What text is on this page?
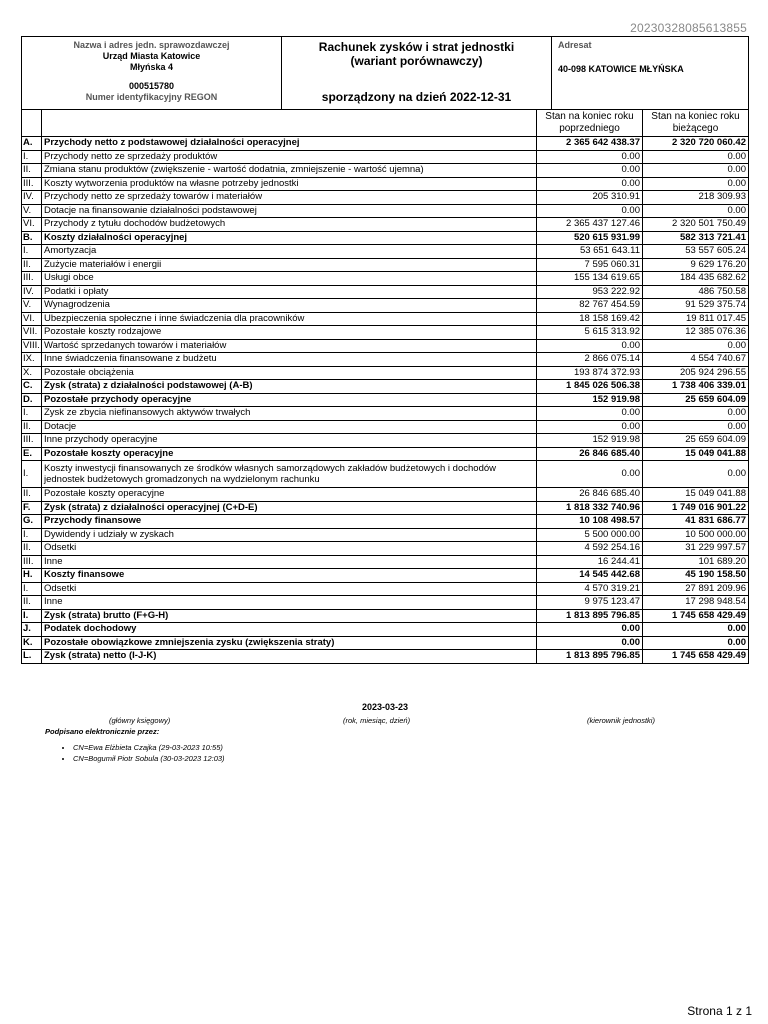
20230328085613855
Nazwa i adres jedn. sprawozdawczej
Urząd Miasta Katowice
Młyńska 4
000515780
Numer identyfikacyjny REGON
Rachunek zysków i strat jednostki
(wariant porównawczy)
sporządzony na dzień 2022-12-31
Adresat
40-098 KATOWICE MŁYŃSKA
		Stan na koniec roku poprzedniego	Stan na koniec roku bieżącego
A.	Przychody netto z podstawowej działalności operacyjnej	2 365 642 438.37	2 320 720 060.42
I.	Przychody netto ze sprzedaży produktów	0.00	0.00
II.	Zmiana stanu produktów (zwiększenie - wartość dodatnia, zmniejszenie - wartość ujemna)	0.00	0.00
III.	Koszty wytworzenia produktów na własne potrzeby jednostki	0.00	0.00
IV.	Przychody netto ze sprzedaży towarów i materiałów	205 310.91	218 309.93
V.	Dotacje na finansowanie działalności podstawowej	0.00	0.00
VI.	Przychody z tytułu dochodów budżetowych	2 365 437 127.46	2 320 501 750.49
B.	Koszty działalności operacyjnej	520 615 931.99	582 313 721.41
I.	Amortyzacja	53 651 643.11	53 557 605.24
II.	Zużycie materiałów i energii	7 595 060.31	9 629 176.20
III.	Usługi obce	155 134 619.65	184 435 682.62
IV.	Podatki i opłaty	953 222.92	486 750.58
V.	Wynagrodzenia	82 767 454.59	91 529 375.74
VI.	Ubezpieczenia społeczne i inne świadczenia dla pracowników	18 158 169.42	19 811 017.45
VII.	Pozostałe koszty rodzajowe	5 615 313.92	12 385 076.36
VIII.	Wartość sprzedanych towarów i materiałów	0.00	0.00
IX.	Inne świadczenia finansowane z budżetu	2 866 075.14	4 554 740.67
X.	Pozostałe obciążenia	193 874 372.93	205 924 296.55
C.	Zysk (strata) z działalności podstawowej (A-B)	1 845 026 506.38	1 738 406 339.01
D.	Pozostałe przychody operacyjne	152 919.98	25 659 604.09
I.	Zysk ze zbycia niefinansowych aktywów trwałych	0.00	0.00
II.	Dotacje	0.00	0.00
III.	Inne przychody operacyjne	152 919.98	25 659 604.09
E.	Pozostałe koszty operacyjne	26 846 685.40	15 049 041.88
I.	Koszty inwestycji finansowanych ze środków własnych samorządowych zakładów budżetowych i dochodów jednostek budżetowych gromadzonych na wydzielonym rachunku	0.00	0.00
II.	Pozostałe koszty operacyjne	26 846 685.40	15 049 041.88
F.	Zysk (strata) z działalności operacyjnej (C+D-E)	1 818 332 740.96	1 749 016 901.22
G.	Przychody finansowe	10 108 498.57	41 831 686.77
I.	Dywidendy i udziały w zyskach	5 500 000.00	10 500 000.00
II.	Odsetki	4 592 254.16	31 229 997.57
III.	Inne	16 244.41	101 689.20
H.	Koszty finansowe	14 545 442.68	45 190 158.50
I.	Odsetki	4 570 319.21	27 891 209.96
II.	Inne	9 975 123.47	17 298 948.54
I.	Zysk (strata) brutto (F+G-H)	1 813 895 796.85	1 745 658 429.49
J.	Podatek dochodowy	0.00	0.00
K.	Pozostałe obowiązkowe zmniejszenia zysku (zwiększenia straty)	0.00	0.00
L.	Zysk (strata) netto (I-J-K)	1 813 895 796.85	1 745 658 429.49
2023-03-23
(główny księgowy)	(rok, miesiąc, dzień)	(kierownik jednostki)
Podpisano elektronicznie przez:
• CN=Ewa Elżbieta Czajka (29-03-2023 10:55)
• CN=Bogumił Piotr Sobula (30-03-2023 12:03)
Strona 1 z 1
